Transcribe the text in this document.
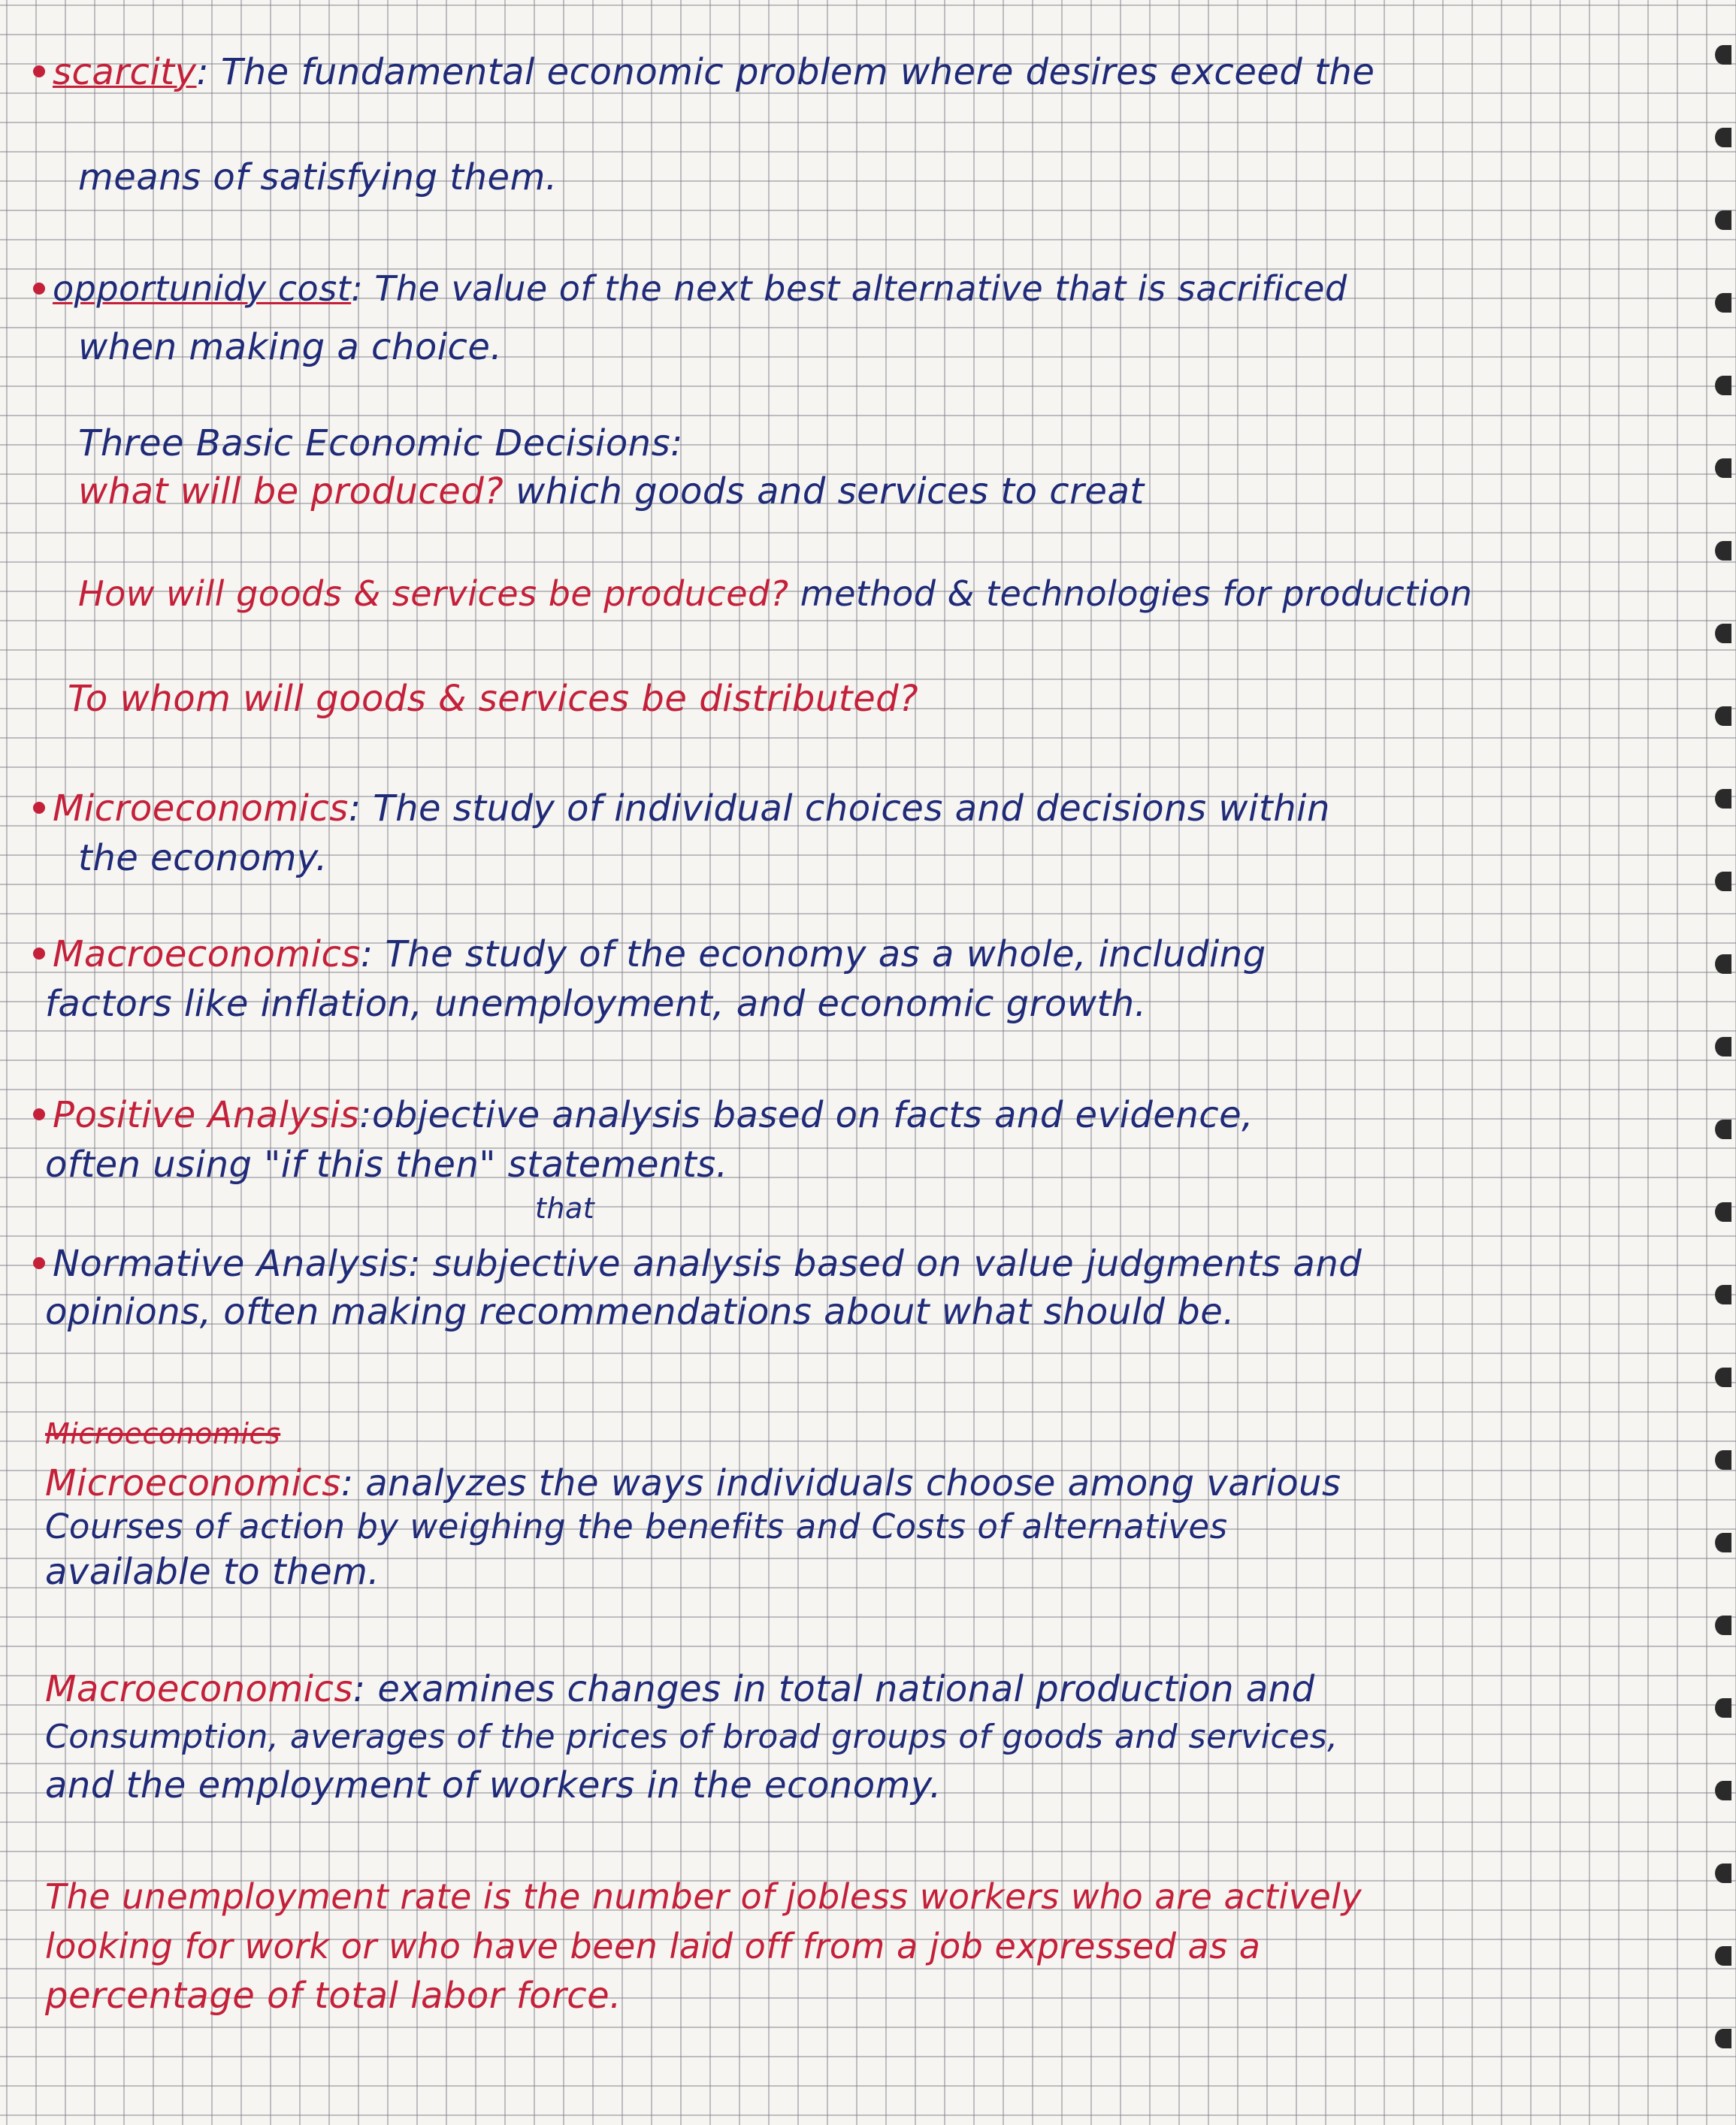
scarcity: The fundamental economic problem where desires exceed the
means of satisfying them.
opportunidy cost: The value of the next best alternative that is sacrificed
when making a choice.
Three Basic Economic Decisions:
what will be produced? which goods and services to creat
How will goods & services be produced? method & technologies for production
To whom will goods & services be distributed?
Microeconomics: The study of individual choices and decisions within
the economy.
Macroeconomics: The study of the economy as a whole, including
factors like inflation, unemployment, and economic growth.
Positive Analysis:objective analysis based on facts and evidence,
often using "if this then" statements.
that
Normative Analysis: subjective analysis based on value judgments and
opinions, often making recommendations about what should be.
Microeconomics
Microeconomics: analyzes the ways individuals choose among various
Courses of action by weighing the benefits and Costs of alternatives
available to them.
Macroeconomics: examines changes in total national production and
Consumption, averages of the prices of broad groups of goods and services,
and the employment of workers in the economy.
The unemployment rate is the number of jobless workers who are actively
looking for work or who have been laid off from a job expressed as a
percentage of total labor force.
